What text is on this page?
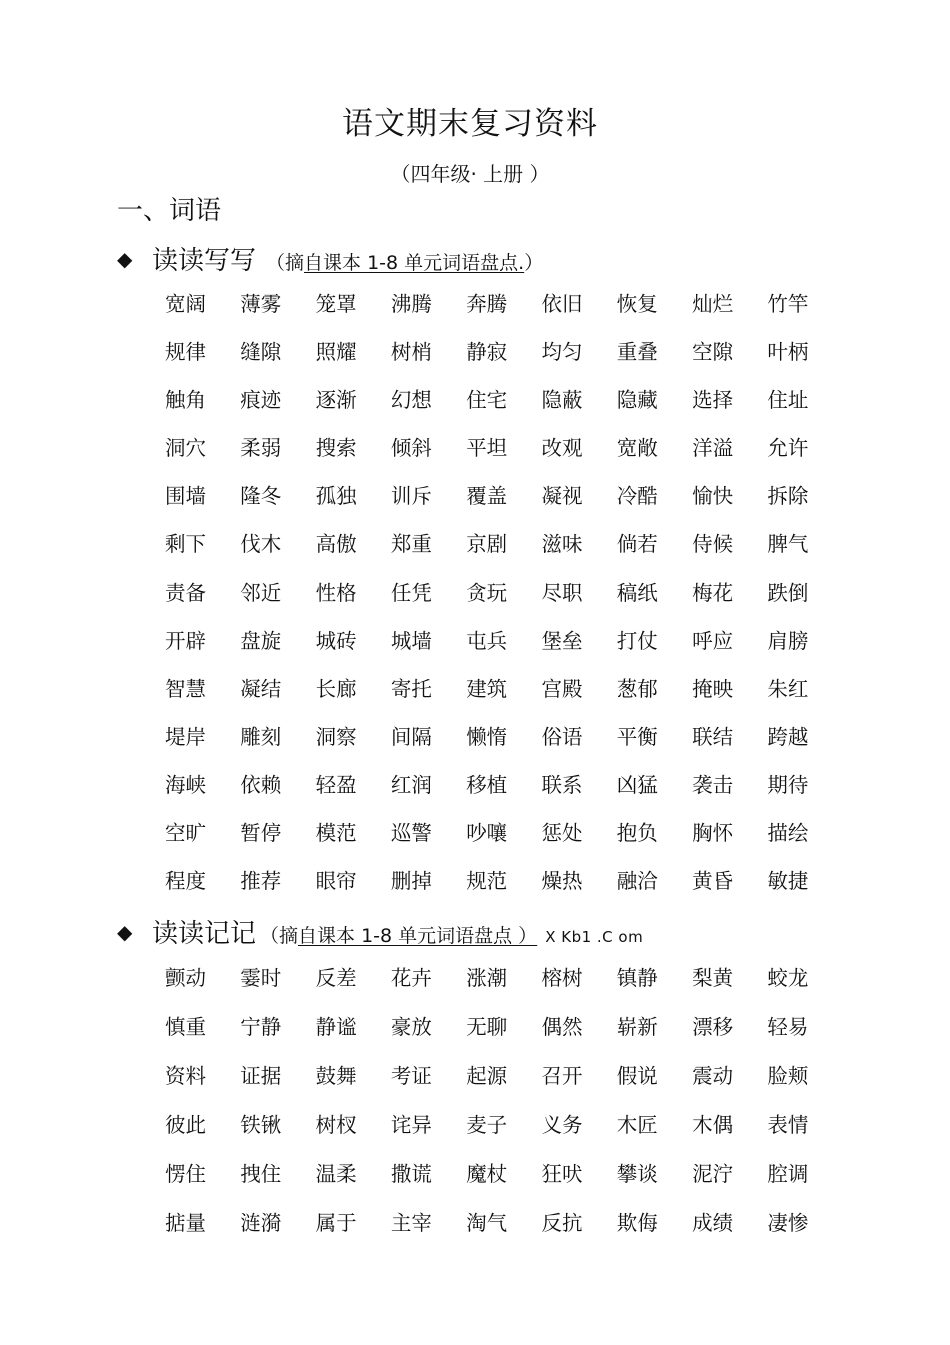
语文期末复习资料
（四年级· 上册 ）
一、词语
◆ 读读写写 （摘自课本 1-8 单元词语盘点.）
宽阔	薄雾	笼罩	沸腾	奔腾	依旧	恢复	灿烂	竹竿
规律	缝隙	照耀	树梢	静寂	均匀	重叠	空隙	叶柄
触角	痕迹	逐渐	幻想	住宅	隐蔽	隐藏	选择	住址
洞穴	柔弱	搜索	倾斜	平坦	改观	宽敞	洋溢	允许
围墙	隆冬	孤独	训斥	覆盖	凝视	冷酷	愉快	拆除
剩下	伐木	高傲	郑重	京剧	滋味	倘若	侍候	脾气
责备	邻近	性格	任凭	贪玩	尽职	稿纸	梅花	跌倒
开辟	盘旋	城砖	城墙	屯兵	堡垒	打仗	呼应	肩膀
智慧	凝结	长廊	寄托	建筑	宫殿	葱郁	掩映	朱红
堤岸	雕刻	洞察	间隔	懒惰	俗语	平衡	联结	跨越
海峡	依赖	轻盈	红润	移植	联系	凶猛	袭击	期待
空旷	暂停	模范	巡警	吵嚷	惩处	抱负	胸怀	描绘
程度	推荐	眼帘	删掉	规范	燥热	融洽	黄昏	敏捷
◆ 读读记记 （摘自课本 1-8 单元词语盘点 ） X Kb1 .C om
颤动	霎时	反差	花卉	涨潮	榕树	镇静	梨黄	蛟龙
慎重	宁静	静谧	豪放	无聊	偶然	崭新	漂移	轻易
资料	证据	鼓舞	考证	起源	召开	假说	震动	脸颊
彼此	铁锹	树杈	诧异	麦子	义务	木匠	木偶	表情
愣住	拽住	温柔	撒谎	魔杖	狂吠	攀谈	泥泞	腔调
掂量	涟漪	属于	主宰	淘气	反抗	欺侮	成绩	凄惨
